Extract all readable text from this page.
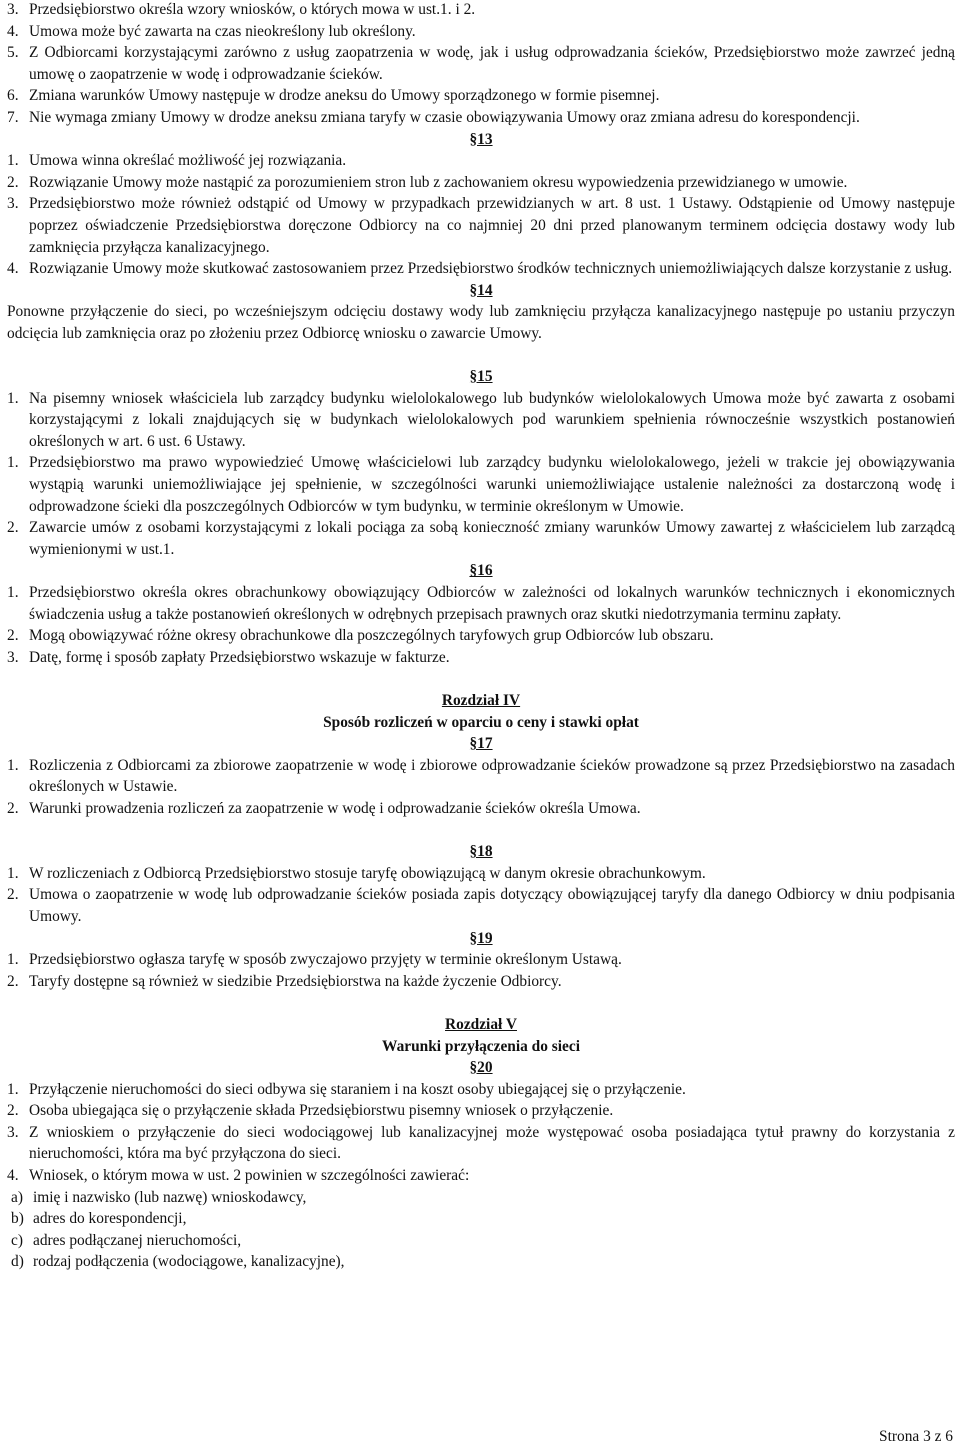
3. Przedsiębiorstwo określa wzory wniosków, o których mowa w ust.1. i 2.
4. Umowa może być zawarta na czas nieokreślony lub określony.
5. Z Odbiorcami korzystającymi zarówno z usług zaopatrzenia w wodę, jak i usług odprowadzania ścieków, Przedsiębiorstwo może zawrzeć jedną umowę o zaopatrzenie w wodę i odprowadzanie ścieków.
6. Zmiana warunków Umowy następuje w drodze aneksu do Umowy sporządzonego w formie pisemnej.
7. Nie wymaga zmiany Umowy w drodze aneksu zmiana taryfy w czasie obowiązywania Umowy oraz zmiana adresu do korespondencji.
§13
1. Umowa winna określać możliwość jej rozwiązania.
2. Rozwiązanie Umowy może nastąpić za porozumieniem stron lub z zachowaniem okresu wypowiedzenia przewidzianego w umowie.
3. Przedsiębiorstwo może również odstąpić od Umowy w przypadkach przewidzianych w art. 8 ust. 1 Ustawy. Odstąpienie od Umowy następuje poprzez oświadczenie Przedsiębiorstwa doręczone Odbiorcy na co najmniej 20 dni przed planowanym terminem odcięcia dostawy wody lub zamknięcia przyłącza kanalizacyjnego.
4. Rozwiązanie Umowy może skutkować zastosowaniem przez Przedsiębiorstwo środków technicznych uniemożliwiających dalsze korzystanie z usług.
§14
Ponowne przyłączenie do sieci, po wcześniejszym odcięciu dostawy wody lub zamknięciu przyłącza kanalizacyjnego następuje po ustaniu przyczyn odcięcia lub zamknięcia oraz po złożeniu przez Odbiorcę wniosku o zawarcie Umowy.
§15
1. Na pisemny wniosek właściciela lub zarządcy budynku wielolokalowego lub budynków wielolokalowych Umowa może być zawarta z osobami korzystającymi z lokali znajdujących się w budynkach wielolokalowych pod warunkiem spełnienia równocześnie wszystkich postanowień określonych w art. 6 ust. 6 Ustawy.
1. Przedsiębiorstwo ma prawo wypowiedzieć Umowę właścicielowi lub zarządcy budynku wielolokalowego, jeżeli w trakcie jej obowiązywania wystąpią warunki uniemożliwiające jej spełnienie, w szczególności warunki uniemożliwiające ustalenie należności za dostarczoną wodę i odprowadzone ścieki dla poszczególnych Odbiorców w tym budynku, w terminie określonym w Umowie.
2. Zawarcie umów z osobami korzystającymi z lokali pociąga za sobą konieczność zmiany warunków Umowy zawartej z właścicielem lub zarządcą wymienionymi w ust.1.
§16
1. Przedsiębiorstwo określa okres obrachunkowy obowiązujący Odbiorców w zależności od lokalnych warunków technicznych i ekonomicznych świadczenia usług a także postanowień określonych w odrębnych przepisach prawnych oraz skutki niedotrzymania terminu zapłaty.
2. Mogą obowiązywać różne okresy obrachunkowe dla poszczególnych taryfowych grup Odbiorców lub obszaru.
3. Datę, formę i sposób zapłaty Przedsiębiorstwo wskazuje w fakturze.
Rozdział IV
Sposób rozliczeń w oparciu o ceny i stawki opłat
§17
1. Rozliczenia z Odbiorcami za zbiorowe zaopatrzenie w wodę i zbiorowe odprowadzanie ścieków prowadzone są przez Przedsiębiorstwo na zasadach określonych w Ustawie.
2. Warunki prowadzenia rozliczeń za zaopatrzenie w wodę i odprowadzanie ścieków określa Umowa.
§18
1. W rozliczeniach z Odbiorcą Przedsiębiorstwo stosuje taryfę obowiązującą w danym okresie obrachunkowym.
2. Umowa o zaopatrzenie w wodę lub odprowadzanie ścieków posiada zapis dotyczący obowiązującej taryfy dla danego Odbiorcy w dniu podpisania Umowy.
§19
1. Przedsiębiorstwo ogłasza taryfę w sposób zwyczajowo przyjęty w terminie określonym Ustawą.
2. Taryfy dostępne są również w siedzibie Przedsiębiorstwa na każde życzenie Odbiorcy.
Rozdział V
Warunki przyłączenia do sieci
§20
1. Przyłączenie nieruchomości do sieci odbywa się staraniem i na koszt osoby ubiegającej się o przyłączenie.
2. Osoba ubiegająca się o przyłączenie składa Przedsiębiorstwu pisemny wniosek o przyłączenie.
3. Z wnioskiem o przyłączenie do sieci wodociągowej lub kanalizacyjnej może występować osoba posiadająca tytuł prawny do korzystania z nieruchomości, która ma być przyłączona do sieci.
4. Wniosek, o którym mowa w ust. 2 powinien w szczególności zawierać:
a) imię i nazwisko (lub nazwę) wnioskodawcy,
b) adres do korespondencji,
c) adres podłączanej nieruchomości,
d) rodzaj podłączenia (wodociągowe, kanalizacyjne),
Strona 3 z 6
